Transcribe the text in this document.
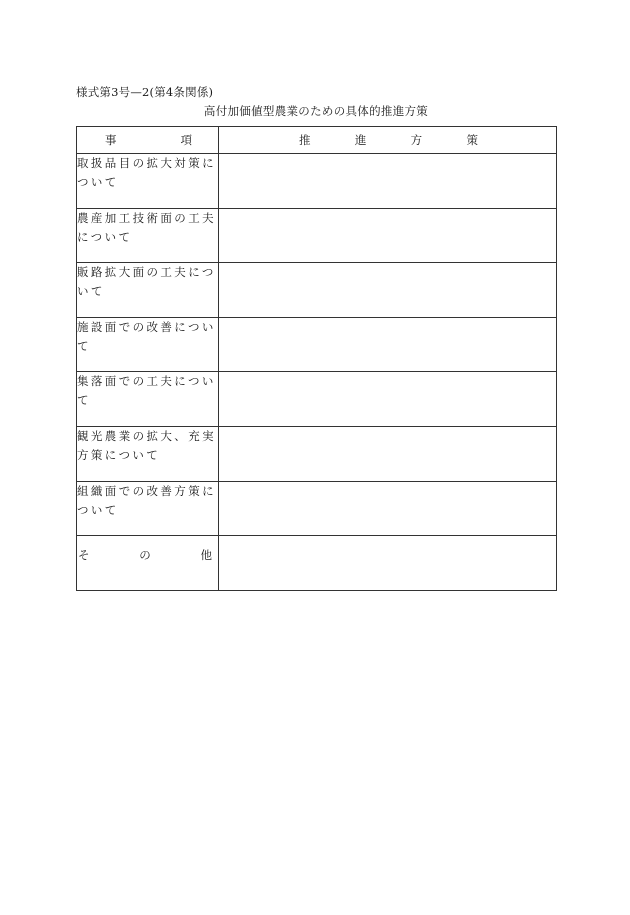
様式第3号—2(第4条関係)
高付加価値型農業のための具体的推進方策
事 項	推 進 方 策

取扱品目の拡大対策に
ついて	

農産加工技術面の工夫
について	

販路拡大面の工夫につ
いて	

施設面での改善につい
て	

集落面での工夫につい
て	

観光農業の拡大、充実
方策について	

組織面での改善方策に
ついて	

そ の 他	
